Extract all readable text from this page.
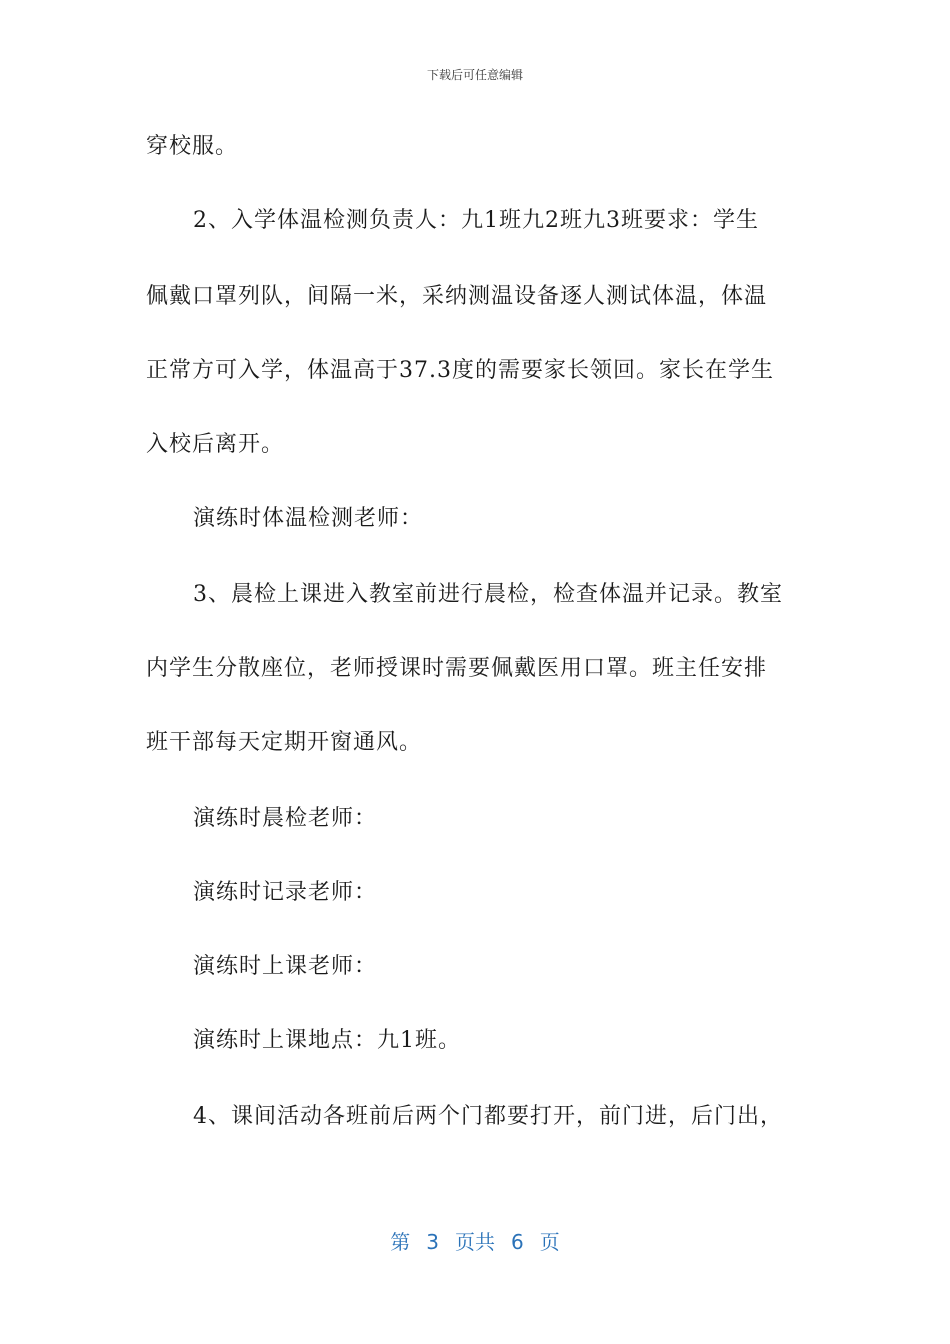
下载后可任意编辑
穿校服。
2、入学体温检测负责人：九1班九2班九3班要求：学生
佩戴口罩列队，间隔一米，采纳测温设备逐人测试体温，体温
正常方可入学，体温高于37.3度的需要家长领回。家长在学生
入校后离开。
演练时体温检测老师：
3、晨检上课进入教室前进行晨检，检查体温并记录。教室
内学生分散座位，老师授课时需要佩戴医用口罩。班主任安排
班干部每天定期开窗通风。
演练时晨检老师：
演练时记录老师：
演练时上课老师：
演练时上课地点：九1班。
4、课间活动各班前后两个门都要打开，前门进，后门出，
第 3 页共 6 页
